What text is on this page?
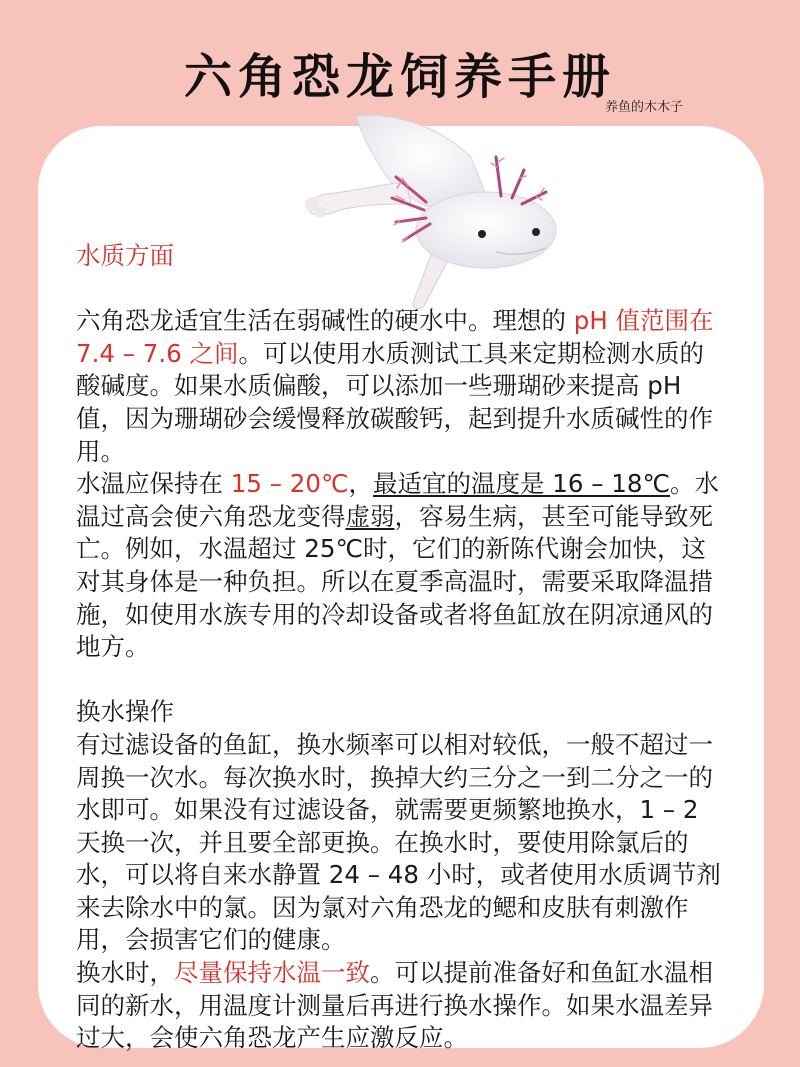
六角恐龙饲养手册
养鱼的木木子

水质方面

六角恐龙适宜生活在弱碱性的硬水中。理想的 pH 值范围在 7.4 – 7.6 之间。可以使用水质测试工具来定期检测水质的酸碱度。如果水质偏酸，可以添加一些珊瑚砂来提高 pH 值，因为珊瑚砂会缓慢释放碳酸钙，起到提升水质碱性的作用。

水温应保持在 15 – 20℃，最适宜的温度是 16 – 18℃。水温过高会使六角恐龙变得虚弱，容易生病，甚至可能导致死亡。例如，水温超过 25℃时，它们的新陈代谢会加快，这对其身体是一种负担。所以在夏季高温时，需要采取降温措施，如使用水族专用的冷却设备或者将鱼缸放在阴凉通风的地方。

换水操作

有过滤设备的鱼缸，换水频率可以相对较低，一般不超过一周换一次水。每次换水时，换掉大约三分之一到二分之一的水即可。如果没有过滤设备，就需要更频繁地换水，1 – 2 天换一次，并且要全部更换。在换水时，要使用除氯后的水，可以将自来水静置 24 – 48 小时，或者使用水质调节剂来去除水中的氯。因为氯对六角恐龙的鳃和皮肤有刺激作用，会损害它们的健康。

换水时，尽量保持水温一致。可以提前准备好和鱼缸水温相同的新水，用温度计测量后再进行换水操作。如果水温差异过大，会使六角恐龙产生应激反应。
